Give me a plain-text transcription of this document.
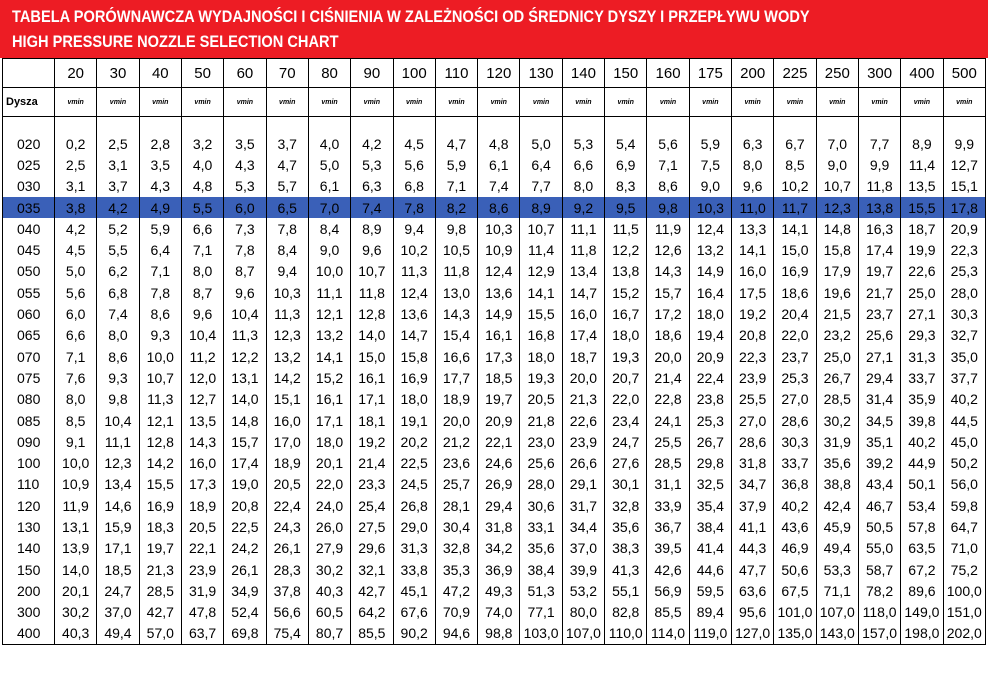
TABELA PORÓWNAWCZA WYDAJNOŚCI I CIŚNIENIA W ZALEŻNOŚCI OD ŚREDNICY DYSZY I PRZEPŁYWU WODY
HIGH PRESSURE NOZZLE SELECTION CHART
	20	30	40	50	60	70	80	90	100	110	120	130	140	150	160	175	200	225	250	300	400	500
Dysza	vmin	vmin	vmin	vmin	vmin	vmin	vmin	vmin	vmin	vmin	vmin	vmin	vmin	vmin	vmin	vmin	vmin	vmin	vmin	vmin	vmin	vmin

020	0,2	2,5	2,8	3,2	3,5	3,7	4,0	4,2	4,5	4,7	4,8	5,0	5,3	5,4	5,6	5,9	6,3	6,7	7,0	7,7	8,9	9,9
025	2,5	3,1	3,5	4,0	4,3	4,7	5,0	5,3	5,6	5,9	6,1	6,4	6,6	6,9	7,1	7,5	8,0	8,5	9,0	9,9	11,4	12,7
030	3,1	3,7	4,3	4,8	5,3	5,7	6,1	6,3	6,8	7,1	7,4	7,7	8,0	8,3	8,6	9,0	9,6	10,2	10,7	11,8	13,5	15,1
035	3,8	4,2	4,9	5,5	6,0	6,5	7,0	7,4	7,8	8,2	8,6	8,9	9,2	9,5	9,8	10,3	11,0	11,7	12,3	13,8	15,5	17,8
040	4,2	5,2	5,9	6,6	7,3	7,8	8,4	8,9	9,4	9,8	10,3	10,7	11,1	11,5	11,9	12,4	13,3	14,1	14,8	16,3	18,7	20,9
045	4,5	5,5	6,4	7,1	7,8	8,4	9,0	9,6	10,2	10,5	10,9	11,4	11,8	12,2	12,6	13,2	14,1	15,0	15,8	17,4	19,9	22,3
050	5,0	6,2	7,1	8,0	8,7	9,4	10,0	10,7	11,3	11,8	12,4	12,9	13,4	13,8	14,3	14,9	16,0	16,9	17,9	19,7	22,6	25,3
055	5,6	6,8	7,8	8,7	9,6	10,3	11,1	11,8	12,4	13,0	13,6	14,1	14,7	15,2	15,7	16,4	17,5	18,6	19,6	21,7	25,0	28,0
060	6,0	7,4	8,6	9,6	10,4	11,3	12,1	12,8	13,6	14,3	14,9	15,5	16,0	16,7	17,2	18,0	19,2	20,4	21,5	23,7	27,1	30,3
065	6,6	8,0	9,3	10,4	11,3	12,3	13,2	14,0	14,7	15,4	16,1	16,8	17,4	18,0	18,6	19,4	20,8	22,0	23,2	25,6	29,3	32,7
070	7,1	8,6	10,0	11,2	12,2	13,2	14,1	15,0	15,8	16,6	17,3	18,0	18,7	19,3	20,0	20,9	22,3	23,7	25,0	27,1	31,3	35,0
075	7,6	9,3	10,7	12,0	13,1	14,2	15,2	16,1	16,9	17,7	18,5	19,3	20,0	20,7	21,4	22,4	23,9	25,3	26,7	29,4	33,7	37,7
080	8,0	9,8	11,3	12,7	14,0	15,1	16,1	17,1	18,0	18,9	19,7	20,5	21,3	22,0	22,8	23,8	25,5	27,0	28,5	31,4	35,9	40,2
085	8,5	10,4	12,1	13,5	14,8	16,0	17,1	18,1	19,1	20,0	20,9	21,8	22,6	23,4	24,1	25,3	27,0	28,6	30,2	34,5	39,8	44,5
090	9,1	11,1	12,8	14,3	15,7	17,0	18,0	19,2	20,2	21,2	22,1	23,0	23,9	24,7	25,5	26,7	28,6	30,3	31,9	35,1	40,2	45,0
100	10,0	12,3	14,2	16,0	17,4	18,9	20,1	21,4	22,5	23,6	24,6	25,6	26,6	27,6	28,5	29,8	31,8	33,7	35,6	39,2	44,9	50,2
110	10,9	13,4	15,5	17,3	19,0	20,5	22,0	23,3	24,5	25,7	26,9	28,0	29,1	30,1	31,1	32,5	34,7	36,8	38,8	43,4	50,1	56,0
120	11,9	14,6	16,9	18,9	20,8	22,4	24,0	25,4	26,8	28,1	29,4	30,6	31,7	32,8	33,9	35,4	37,9	40,2	42,4	46,7	53,4	59,8
130	13,1	15,9	18,3	20,5	22,5	24,3	26,0	27,5	29,0	30,4	31,8	33,1	34,4	35,6	36,7	38,4	41,1	43,6	45,9	50,5	57,8	64,7
140	13,9	17,1	19,7	22,1	24,2	26,1	27,9	29,6	31,3	32,8	34,2	35,6	37,0	38,3	39,5	41,4	44,3	46,9	49,4	55,0	63,5	71,0
150	14,0	18,5	21,3	23,9	26,1	28,3	30,2	32,1	33,8	35,3	36,9	38,4	39,9	41,3	42,6	44,6	47,7	50,6	53,3	58,7	67,2	75,2
200	20,1	24,7	28,5	31,9	34,9	37,8	40,3	42,7	45,1	47,2	49,3	51,3	53,2	55,1	56,9	59,5	63,6	67,5	71,1	78,2	89,6	100,0
300	30,2	37,0	42,7	47,8	52,4	56,6	60,5	64,2	67,6	70,9	74,0	77,1	80,0	82,8	85,5	89,4	95,6	101,0	107,0	118,0	149,0	151,0
400	40,3	49,4	57,0	63,7	69,8	75,4	80,7	85,5	90,2	94,6	98,8	103,0	107,0	110,0	114,0	119,0	127,0	135,0	143,0	157,0	198,0	202,0
